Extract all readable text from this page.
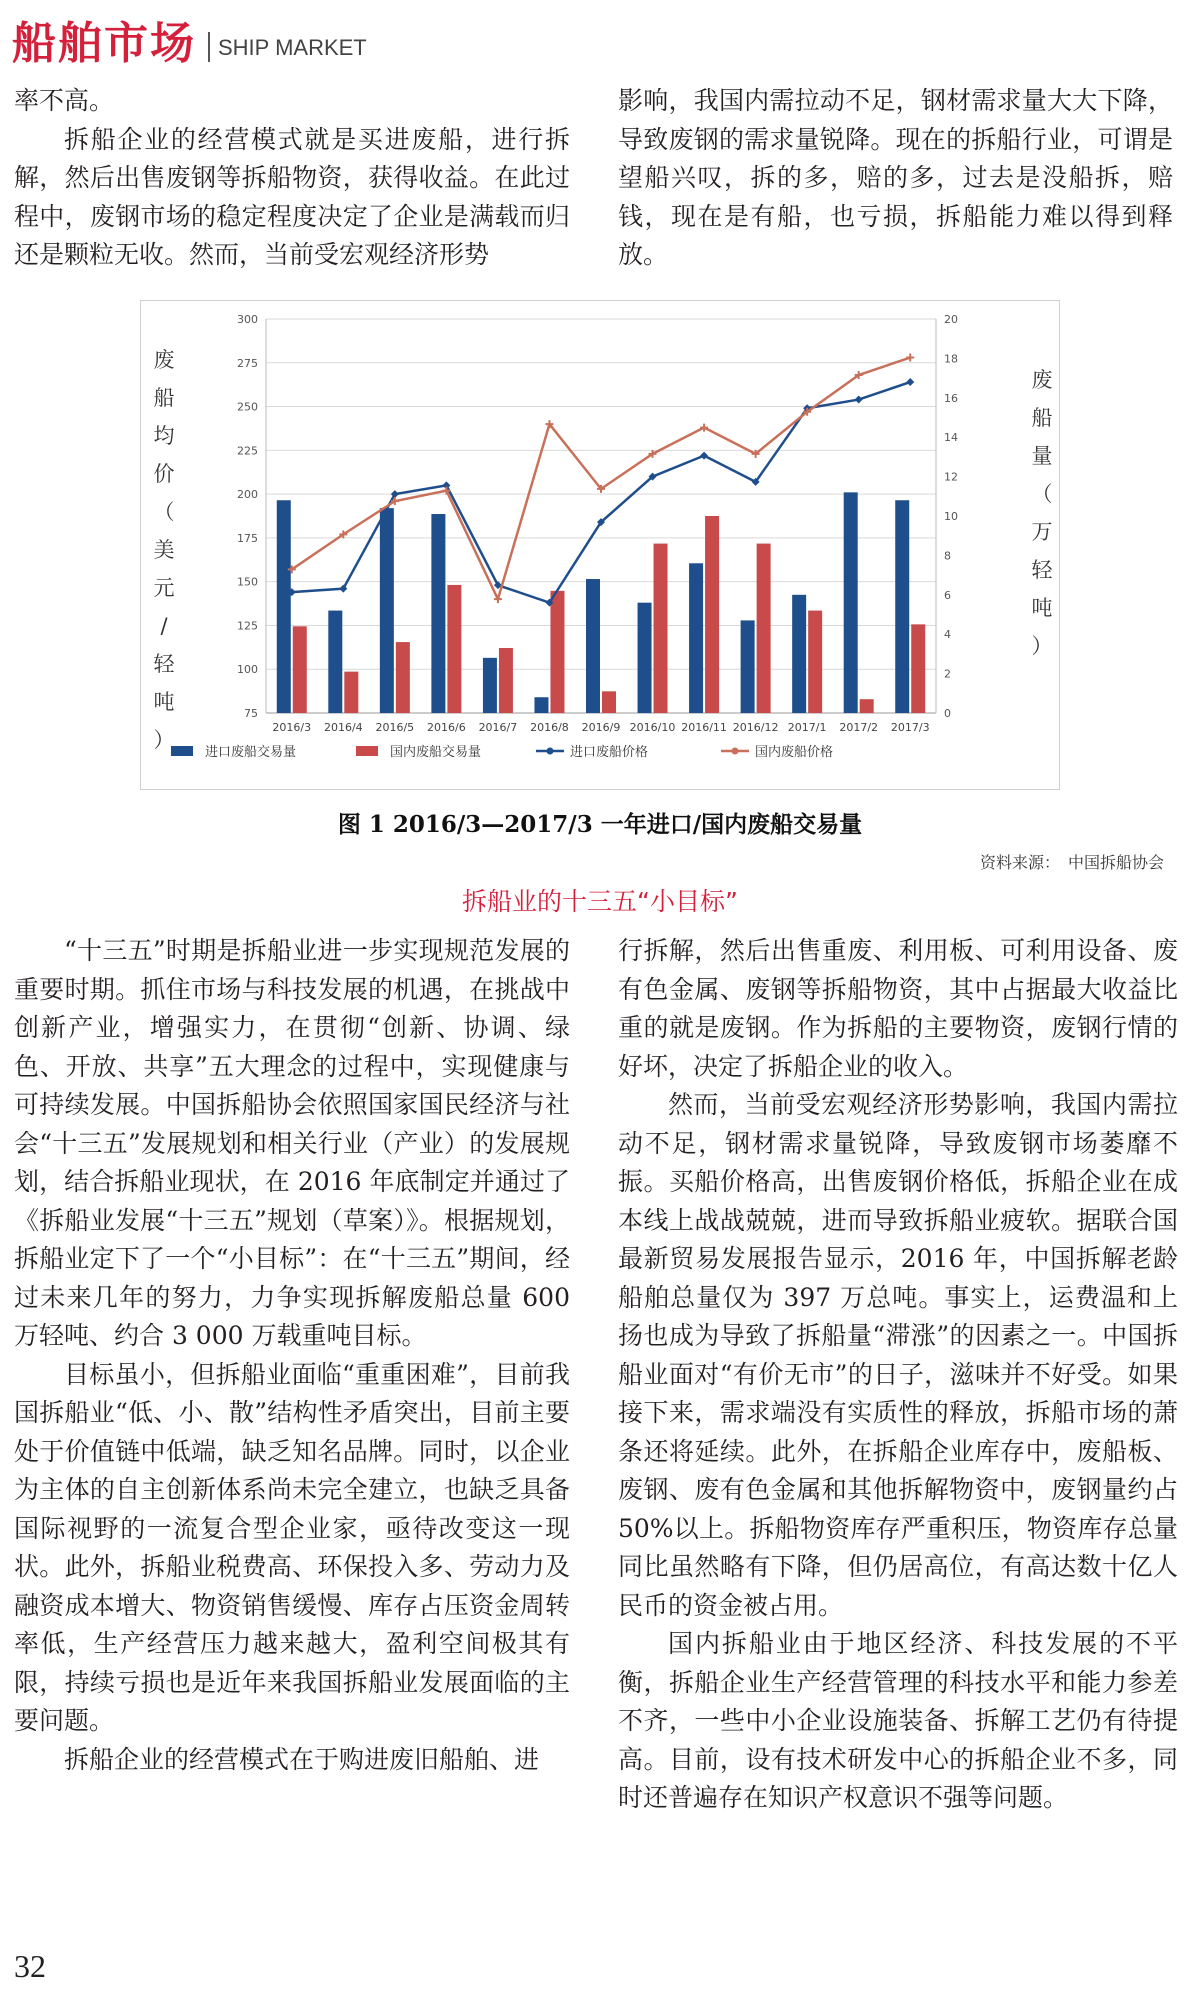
船舶市场 SHIP MARKET

率不高。

拆船企业的经营模式就是买进废船，进行拆解，然后出售废钢等拆船物资，获得收益。在此过程中，废钢市场的稳定程度决定了企业是满载而归还是颗粒无收。然而，当前受宏观经济形势

影响，我国内需拉动不足，钢材需求量大大下降，导致废钢的需求量锐降。现在的拆船行业，可谓是望船兴叹，拆的多，赔的多，过去是没船拆，赔钱，现在是有船，也亏损，拆船能力难以得到释放。

75
100
125
150
175
200
225
250
275
300
0
2
4
6
8
10
12
14
16
18
20
2016/3 2016/4 2016/5 2016/6 2016/7 2016/8 2016/9 2016/10 2016/11 2016/12 2017/1 2017/2 2017/3
进口废船交易量	国内废船交易量	进口废船价格	国内废船价格
废
船
均
价
（
美
元
/
轻
吨
）
废
船
量
（
万
轻
吨
）
图 1 2016/3—2017/3 一年进口/国内废船交易量
资料来源：　中国拆船协会
拆船业的十三五“小目标”

“十三五”时期是拆船业进一步实现规范发展的重要时期。抓住市场与科技发展的机遇，在挑战中创新产业，增强实力，在贯彻“创新、协调、绿色、开放、共享”五大理念的过程中，实现健康与可持续发展。中国拆船协会依照国家国民经济与社会“十三五”发展规划和相关行业（产业）的发展规划，结合拆船业现状，在 2016 年底制定并通过了《拆船业发展“十三五”规划（草案）》。根据规划，拆船业定下了一个“小目标”：在“十三五”期间，经过未来几年的努力，力争实现拆解废船总量 600 万轻吨、约合 3 000 万载重吨目标。

目标虽小，但拆船业面临“重重困难”，目前我国拆船业“低、小、散”结构性矛盾突出，目前主要处于价值链中低端，缺乏知名品牌。同时，以企业为主体的自主创新体系尚未完全建立，也缺乏具备国际视野的一流复合型企业家，亟待改变这一现状。此外，拆船业税费高、环保投入多、劳动力及融资成本增大、物资销售缓慢、库存占压资金周转率低，生产经营压力越来越大，盈利空间极其有限，持续亏损也是近年来我国拆船业发展面临的主要问题。

拆船企业的经营模式在于购进废旧船舶、进

行拆解，然后出售重废、利用板、可利用设备、废有色金属、废钢等拆船物资，其中占据最大收益比重的就是废钢。作为拆船的主要物资，废钢行情的好坏，决定了拆船企业的收入。

然而，当前受宏观经济形势影响，我国内需拉动不足，钢材需求量锐降，导致废钢市场萎靡不振。买船价格高，出售废钢价格低，拆船企业在成本线上战战兢兢，进而导致拆船业疲软。据联合国最新贸易发展报告显示，2016 年，中国拆解老龄船舶总量仅为 397 万总吨。事实上，运费温和上扬也成为导致了拆船量“滞涨”的因素之一。中国拆船业面对“有价无市”的日子，滋味并不好受。如果接下来，需求端没有实质性的释放，拆船市场的萧条还将延续。此外，在拆船企业库存中，废船板、废钢、废有色金属和其他拆解物资中，废钢量约占 50%以上。拆船物资库存严重积压，物资库存总量同比虽然略有下降，但仍居高位，有高达数十亿人民币的资金被占用。

国内拆船业由于地区经济、科技发展的不平衡，拆船企业生产经营管理的科技水平和能力参差不齐，一些中小企业设施装备、拆解工艺仍有待提高。目前，设有技术研发中心的拆船企业不多，同时还普遍存在知识产权意识不强等问题。

32
